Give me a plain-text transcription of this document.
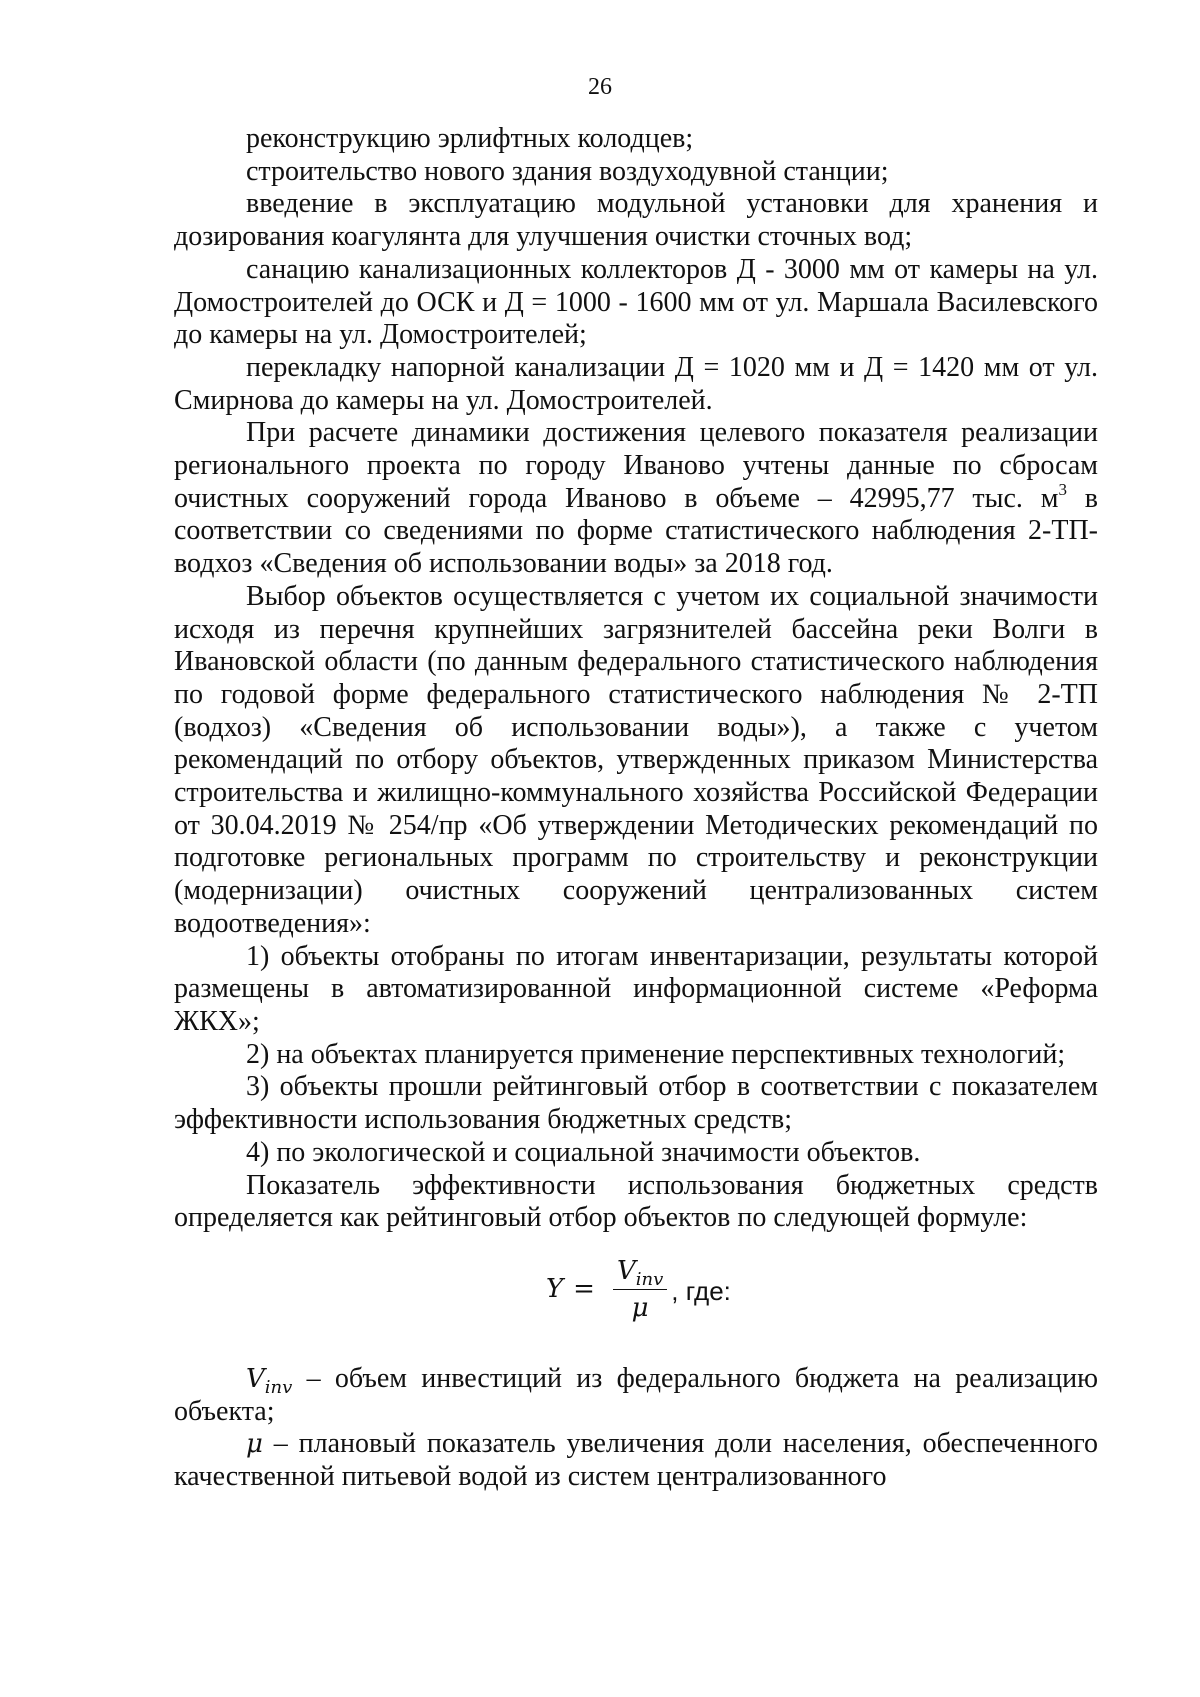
26

реконструкцию эрлифтных колодцев;

строительство нового здания воздуходувной станции;

введение в эксплуатацию модульной установки для хранения и дозирования коагулянта для улучшения очистки сточных вод;

санацию канализационных коллекторов Д - 3000 мм от камеры на ул. Домостроителей до ОСК и Д = 1000 - 1600 мм от ул. Маршала Василевского до камеры на ул. Домостроителей;

перекладку напорной канализации Д = 1020 мм и Д = 1420 мм от ул. Смирнова до камеры на ул. Домостроителей.

При расчете динамики достижения целевого показателя реализации регионального проекта по городу Иваново учтены данные по сбросам очистных сооружений города Иваново в объеме – 42995,77 тыс. $м^3$ в соответствии со сведениями по форме статистического наблюдения 2-ТП-водхоз «Сведения об использовании воды» за 2018 год.

Выбор объектов осуществляется с учетом их социальной значимости исходя из перечня крупнейших загрязнителей бассейна реки Волги в Ивановской области (по данным федерального статистического наблюдения по годовой форме федерального статистического наблюдения № 2-ТП (водхоз) «Сведения об использовании воды»), а также с учетом рекомендаций по отбору объектов, утвержденных приказом Министерства строительства и жилищно-коммунального хозяйства Российской Федерации от 30.04.2019 № 254/пр «Об утверждении Методических рекомендаций по подготовке региональных программ по строительству и реконструкции (модернизации) очистных сооружений централизованных систем водоотведения»:

1) объекты отобраны по итогам инвентаризации, результаты которой размещены в автоматизированной информационной системе «Реформа ЖКХ»;

2) на объектах планируется применение перспективных технологий;

3) объекты прошли рейтинговый отбор в соответствии с показателем эффективности использования бюджетных средств;

4) по экологической и социальной значимости объектов.

Показатель эффективности использования бюджетных средств определяется как рейтинговый отбор объектов по следующей формуле:

$Y = \frac{V_{inv}}{\mu}$ , где:

$V_{inv}$ – объем инвестиций из федерального бюджета на реализацию объекта;

μ – плановый показатель увеличения доли населения, обеспеченного качественной питьевой водой из систем централизованного
